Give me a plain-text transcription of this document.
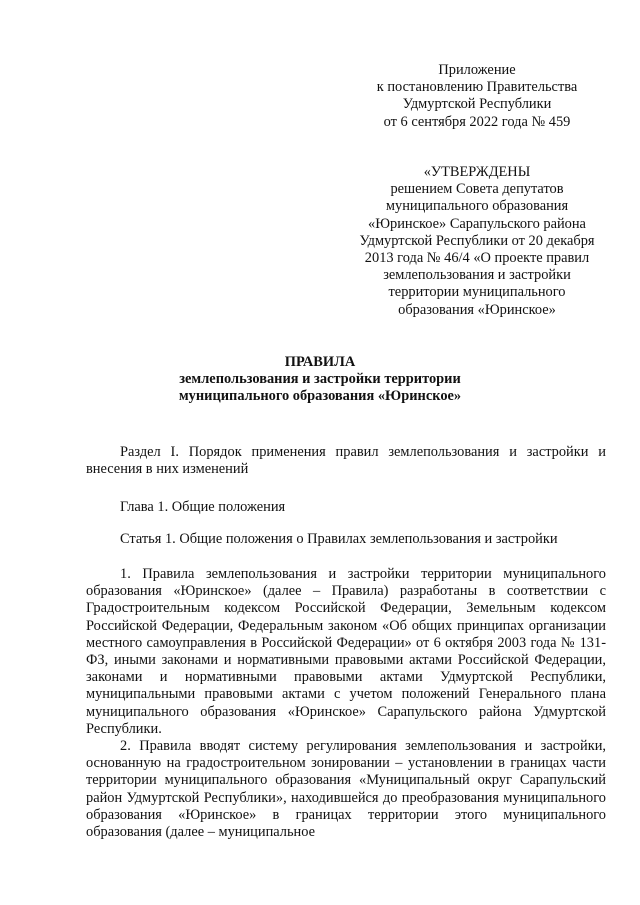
Приложение
к постановлению Правительства
Удмуртской Республики
от 6 сентября 2022 года № 459
«УТВЕРЖДЕНЫ
решением Совета депутатов
муниципального образования
«Юринское» Сарапульского района
Удмуртской Республики от 20 декабря
2013 года № 46/4 «О проекте правил
землепользования и застройки
территории муниципального
образования «Юринское»
ПРАВИЛА
землепользования и застройки территории
муниципального образования «Юринское»
Раздел I. Порядок применения правил землепользования и застройки и внесения в них изменений
Глава 1. Общие положения
Статья 1. Общие положения о Правилах землепользования и застройки
1. Правила землепользования и застройки территории муниципального образования «Юринское» (далее – Правила) разработаны в соответствии с Градостроительным кодексом Российской Федерации, Земельным кодексом Российской Федерации, Федеральным законом «Об общих принципах организации местного самоуправления в Российской Федерации» от 6 октября 2003 года № 131-ФЗ, иными законами и нормативными правовыми актами Российской Федерации, законами и нормативными правовыми актами Удмуртской Республики, муниципальными правовыми актами с учетом положений Генерального плана муниципального образования «Юринское» Сарапульского района Удмуртской Республики.
2. Правила вводят систему регулирования землепользования и застройки, основанную на градостроительном зонировании – установлении в границах части территории муниципального образования «Муниципальный округ Сарапульский район Удмуртской Республики», находившейся до преобразования муниципального образования «Юринское» в границах территории этого муниципального образования (далее – муниципальное
